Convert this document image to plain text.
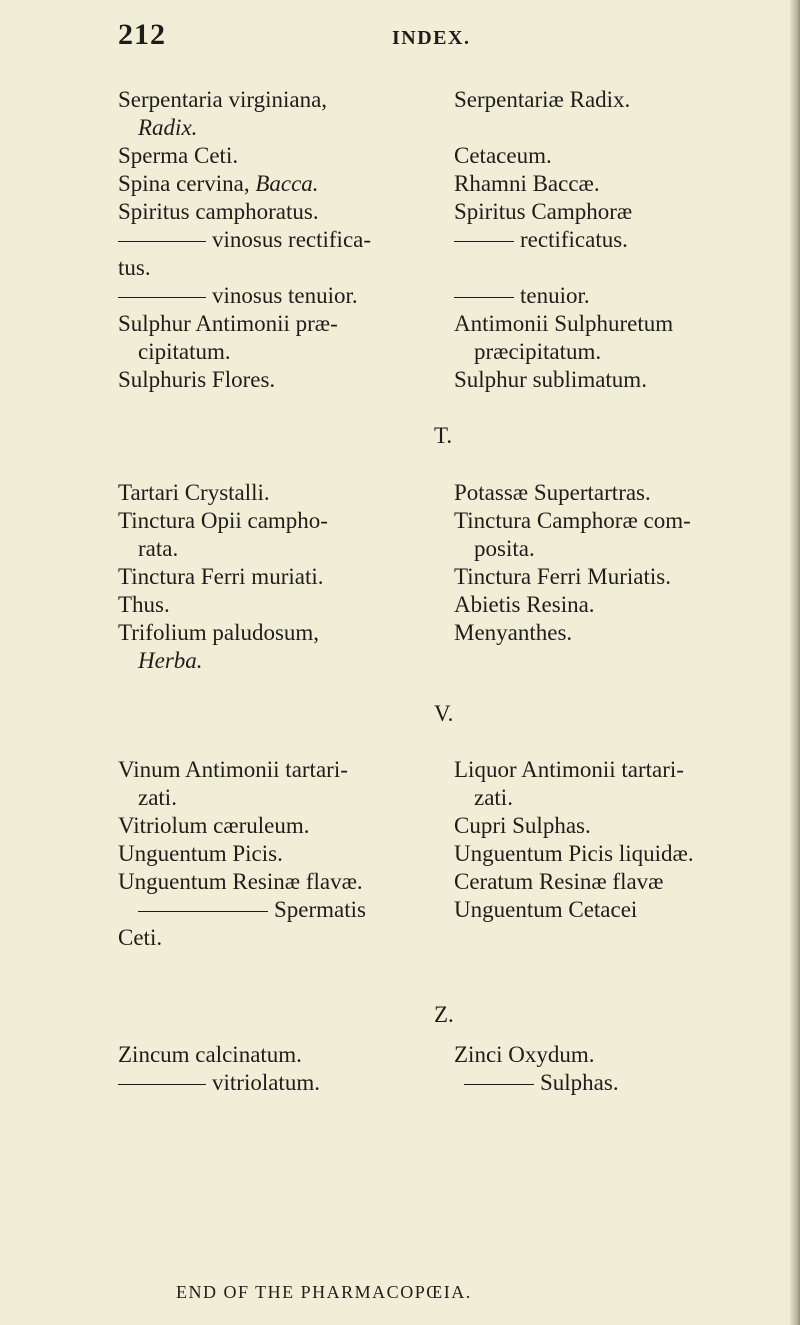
212	INDEX.
Serpentaria virginiana,
Radix.
Sperma Ceti.
Spina cervina, Bacca.
Spiritus camphoratus.
vinosus rectifica-
tus.
vinosus tenuior.
Sulphur Antimonii præ-
cipitatum.
Sulphuris Flores.
Serpentariæ Radix.
Cetaceum.
Rhamni Baccæ.
Spiritus Camphoræ
rectificatus.
tenuior.
Antimonii Sulphuretum
præcipitatum.
Sulphur sublimatum.
T.
Tartari Crystalli.
Tinctura Opii campho-
rata.
Tinctura Ferri muriati.
Thus.
Trifolium paludosum,
Herba.
Potassæ Supertartras.
Tinctura Camphoræ com-
posita.
Tinctura Ferri Muriatis.
Abietis Resina.
Menyanthes.
V.
Vinum Antimonii tartari-
zati.
Vitriolum cæruleum.
Unguentum Picis.
Unguentum Resinæ flavæ.
Spermatis
Ceti.
Liquor Antimonii tartari-
zati.
Cupri Sulphas.
Unguentum Picis liquidæ.
Ceratum Resinæ flavæ
Unguentum Cetacei
Z.
Zincum calcinatum.
vitriolatum.
Zinci Oxydum.
Sulphas.
END OF THE PHARMACOPŒIA.
